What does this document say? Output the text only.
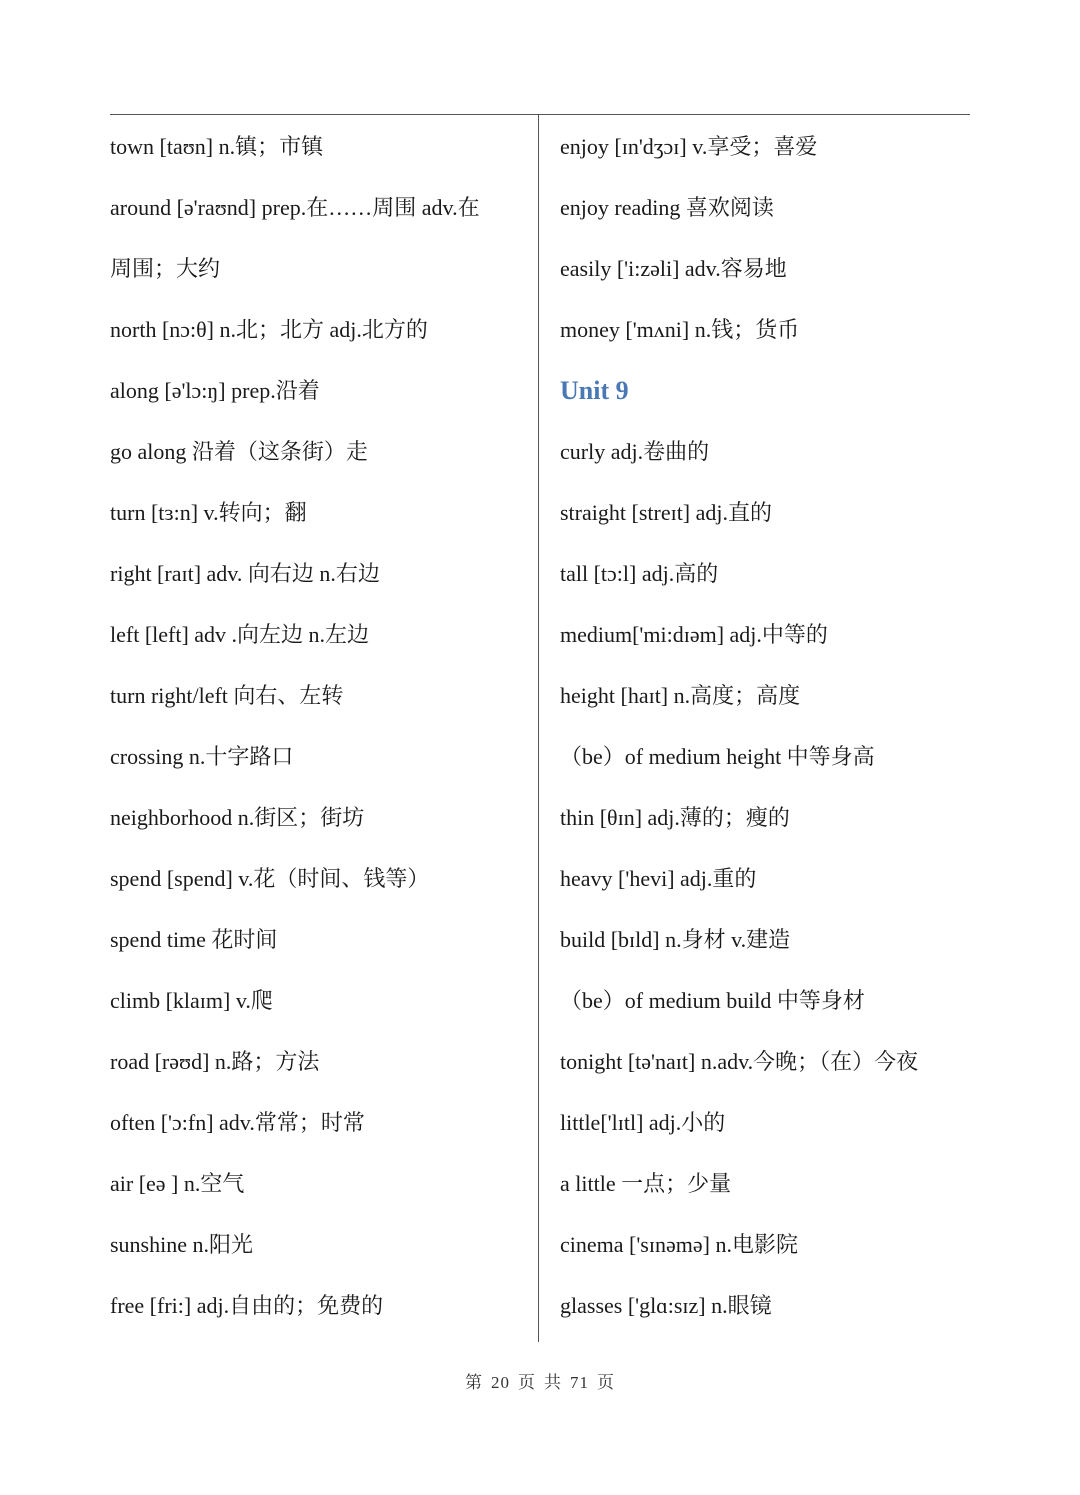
town [taʊn] n.镇；市镇
around [ə'raʊnd] prep.在……周围 adv.在
周围；大约
north [nɔ:θ] n.北；北方 adj.北方的
along [ə'lɔ:ŋ] prep.沿着
go along 沿着（这条街）走
turn [tɜ:n] v.转向；翻
right [raɪt] adv. 向右边 n.右边
left [left] adv .向左边 n.左边
turn right/left 向右、左转
crossing n.十字路口
neighborhood n.街区；街坊
spend [spend] v.花（时间、钱等）
spend time 花时间
climb [klaɪm] v.爬
road [rəʊd] n.路；方法
often ['ɔ:fn] adv.常常；时常
air [eə ] n.空气
sunshine n.阳光
free [fri:] adj.自由的；免费的
enjoy [ɪn'dʒɔɪ] v.享受；喜爱
enjoy reading 喜欢阅读
easily ['i:zəli] adv.容易地
money ['mʌni] n.钱；货币
Unit 9
curly adj.卷曲的
straight [streɪt] adj.直的
tall [tɔ:l] adj.高的
medium['mi:dɪəm] adj.中等的
height [haɪt] n.高度；高度
（be）of medium height 中等身高
thin [θɪn] adj.薄的；瘦的
heavy ['hevi] adj.重的
build [bɪld] n.身材 v.建造
（be）of medium build 中等身材
tonight [tə'naɪt] n.adv.今晚；（在）今夜
little['lɪtl] adj.小的
a little 一点；少量
cinema ['sɪnəmə] n.电影院
glasses ['glɑ:sɪz] n.眼镜
第 20 页 共 71 页
